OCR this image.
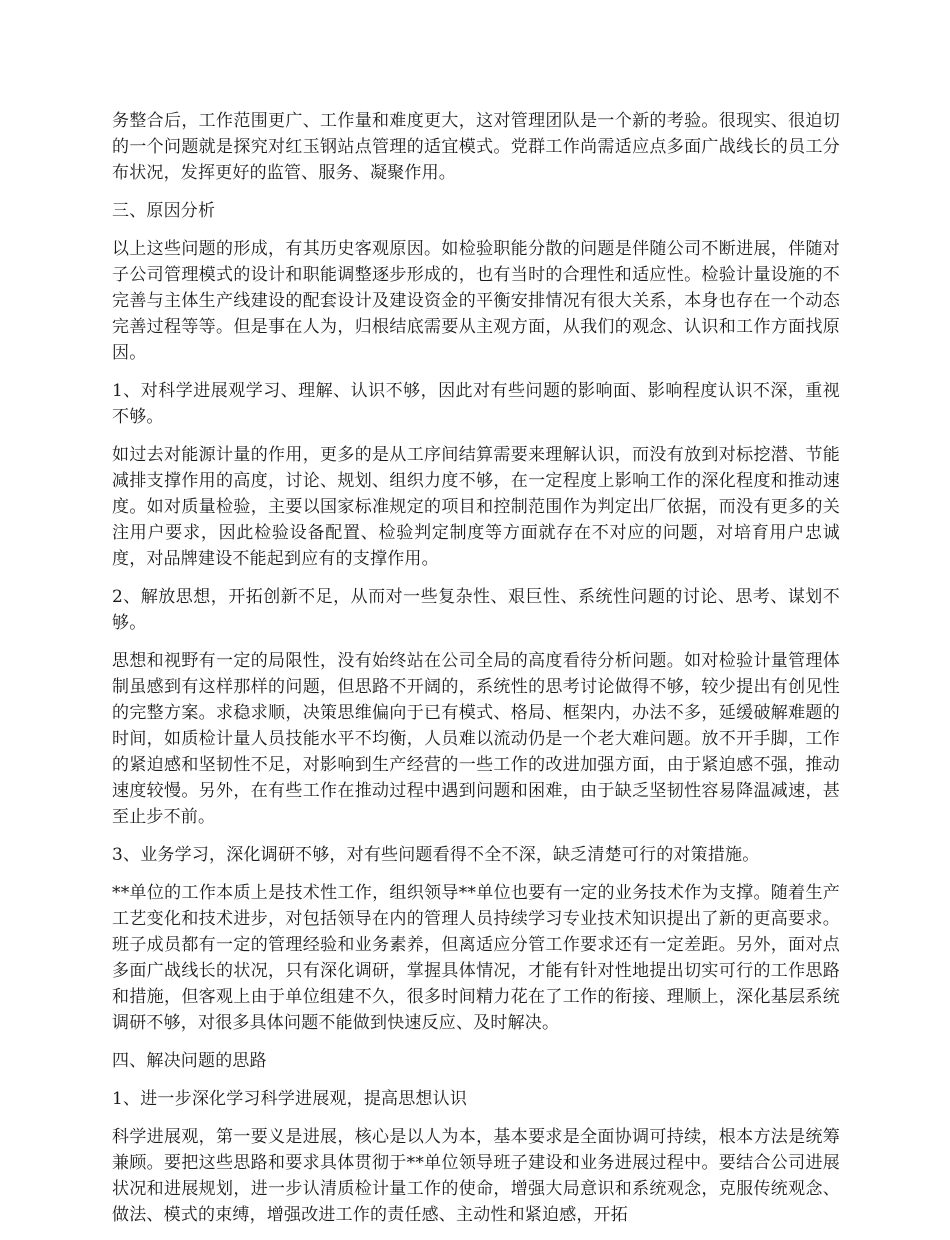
务整合后，工作范围更广、工作量和难度更大，这对管理团队是一个新的考验。很现实、很迫切的一个问题就是探究对红玉钢站点管理的适宜模式。党群工作尚需适应点多面广战线长的员工分布状况，发挥更好的监管、服务、凝聚作用。

三、原因分析

以上这些问题的形成，有其历史客观原因。如检验职能分散的问题是伴随公司不断进展，伴随对子公司管理模式的设计和职能调整逐步形成的，也有当时的合理性和适应性。检验计量设施的不完善与主体生产线建设的配套设计及建设资金的平衡安排情况有很大关系，本身也存在一个动态完善过程等等。但是事在人为，归根结底需要从主观方面，从我们的观念、认识和工作方面找原因。

1、对科学进展观学习、理解、认识不够，因此对有些问题的影响面、影响程度认识不深，重视不够。

如过去对能源计量的作用，更多的是从工序间结算需要来理解认识，而没有放到对标挖潜、节能减排支撑作用的高度，讨论、规划、组织力度不够，在一定程度上影响工作的深化程度和推动速度。如对质量检验，主要以国家标准规定的项目和控制范围作为判定出厂依据，而没有更多的关注用户要求，因此检验设备配置、检验判定制度等方面就存在不对应的问题，对培育用户忠诚度，对品牌建设不能起到应有的支撑作用。

2、解放思想，开拓创新不足，从而对一些复杂性、艰巨性、系统性问题的讨论、思考、谋划不够。

思想和视野有一定的局限性，没有始终站在公司全局的高度看待分析问题。如对检验计量管理体制虽感到有这样那样的问题，但思路不开阔的，系统性的思考讨论做得不够，较少提出有创见性的完整方案。求稳求顺，决策思维偏向于已有模式、格局、框架内，办法不多，延缓破解难题的时间，如质检计量人员技能水平不均衡，人员难以流动仍是一个老大难问题。放不开手脚，工作的紧迫感和坚韧性不足，对影响到生产经营的一些工作的改进加强方面，由于紧迫感不强，推动速度较慢。另外，在有些工作在推动过程中遇到问题和困难，由于缺乏坚韧性容易降温减速，甚至止步不前。

3、业务学习，深化调研不够，对有些问题看得不全不深，缺乏清楚可行的对策措施。

**单位的工作本质上是技术性工作，组织领导**单位也要有一定的业务技术作为支撑。随着生产工艺变化和技术进步，对包括领导在内的管理人员持续学习专业技术知识提出了新的更高要求。班子成员都有一定的管理经验和业务素养，但离适应分管工作要求还有一定差距。另外，面对点多面广战线长的状况，只有深化调研，掌握具体情况，才能有针对性地提出切实可行的工作思路和措施，但客观上由于单位组建不久，很多时间精力花在了工作的衔接、理顺上，深化基层系统调研不够，对很多具体问题不能做到快速反应、及时解决。

四、解决问题的思路

1、进一步深化学习科学进展观，提高思想认识

科学进展观，第一要义是进展，核心是以人为本，基本要求是全面协调可持续，根本方法是统筹兼顾。要把这些思路和要求具体贯彻于**单位领导班子建设和业务进展过程中。要结合公司进展状况和进展规划，进一步认清质检计量工作的使命，增强大局意识和系统观念，克服传统观念、做法、模式的束缚，增强改进工作的责任感、主动性和紧迫感，开拓
